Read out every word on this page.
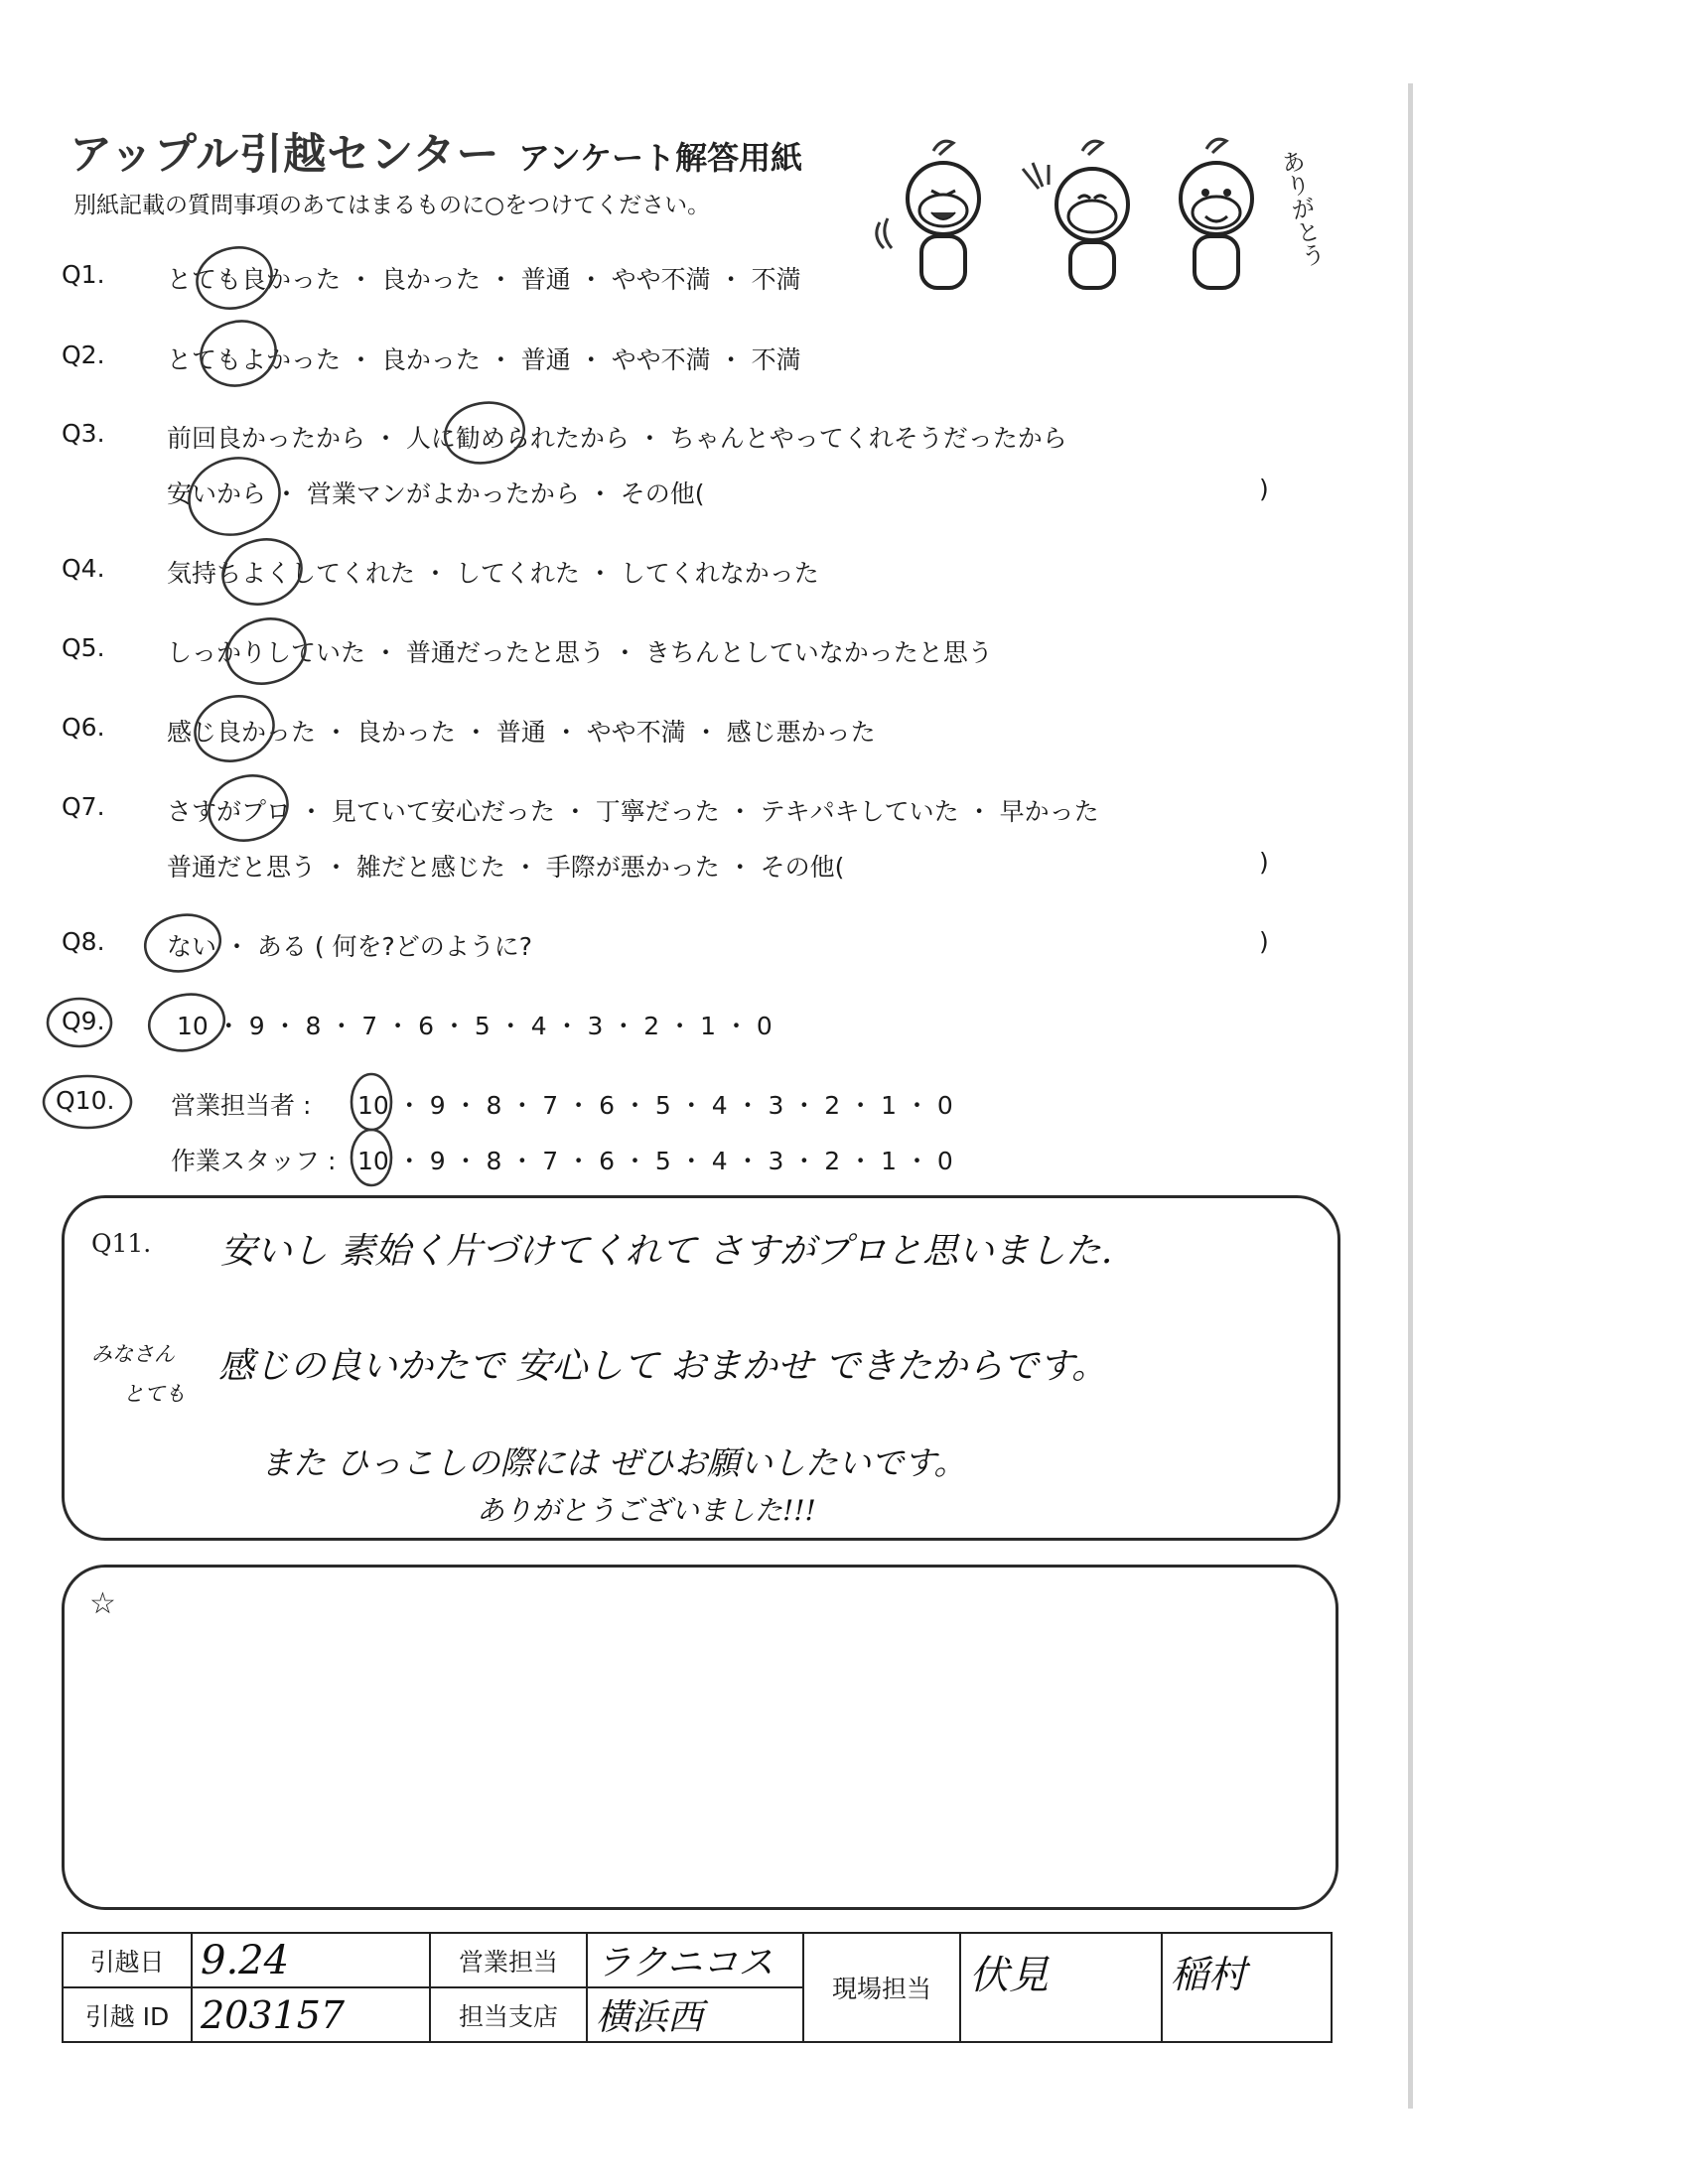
アップル引越センター アンケート解答用紙
別紙記載の質問事項のあてはまるものに○をつけてください。	ありがとう
Q1. とても良かった ・ 良かった ・ 普通 ・ やや不満 ・ 不満
Q2. とてもよかった ・ 良かった ・ 普通 ・ やや不満 ・ 不満
Q3. 前回良かったから ・ 人に勧められたから ・ ちゃんとやってくれそうだったから
安いから ・ 営業マンがよかったから ・ その他(	)
Q4. 気持ちよくしてくれた ・ してくれた ・ してくれなかった
Q5. しっかりしていた ・ 普通だったと思う ・ きちんとしていなかったと思う
Q6. 感じ良かった ・ 良かった ・ 普通 ・ やや不満 ・ 感じ悪かった
Q7. さすがプロ ・ 見ていて安心だった ・ 丁寧だった ・ テキパキしていた ・ 早かった
普通だと思う ・ 雑だと感じた ・ 手際が悪かった ・ その他(	)
Q8. ない ・ ある ( 何を?どのように?	)
Q9.	10 ・ 9 ・ 8 ・ 7 ・ 6 ・ 5 ・ 4 ・ 3 ・ 2 ・ 1 ・ 0
Q10. 営業担当者 : 10 ・ 9 ・ 8 ・ 7 ・ 6 ・ 5 ・ 4 ・ 3 ・ 2 ・ 1 ・ 0
作業スタッフ : 10 ・ 9 ・ 8 ・ 7 ・ 6 ・ 5 ・ 4 ・ 3 ・ 2 ・ 1 ・ 0
Q11. 安いし 素始く片づけてくれて さすがプロと思いました.
みなさん
とても
感じの良いかたで 安心して おまかせ できたからです。
また ひっこしの際には ぜひお願いしたいです。
ありがとうございました!!!
☆
引越日	9.24	営業担当	ラクニコス	現場担当	伏見	稲村
引越 ID	203157	担当支店	横浜西			
